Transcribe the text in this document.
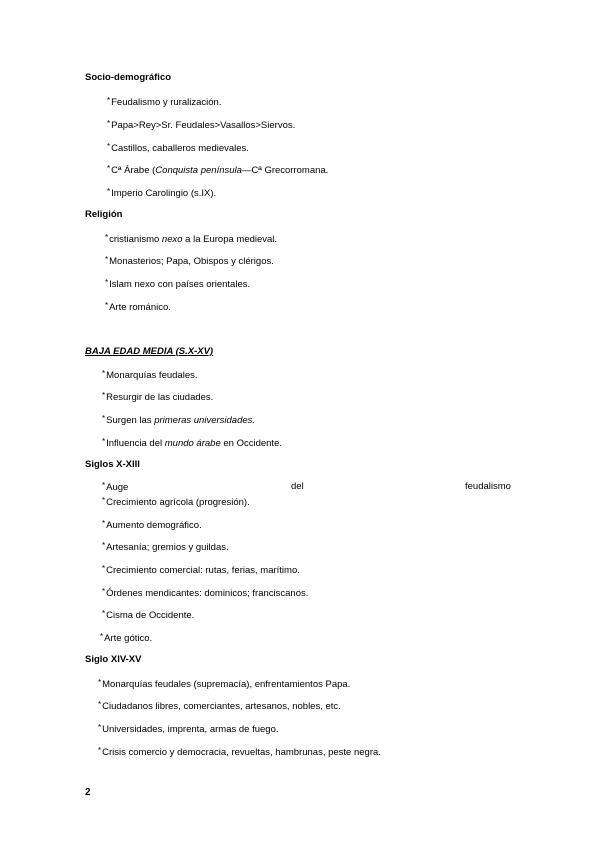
Socio-demográfico
*Feudalismo y ruralización.
*Papa>Rey>Sr. Feudales>Vasallos>Siervos.
*Castillos, caballeros medievales.
*Cª Árabe (Conquista península—Cª Grecorromana.
*Imperio Carolingio (s.IX).
Religión
*cristianismo nexo a la Europa medieval.
*Monasterios; Papa, Obispos y clérigos.
*Islam nexo con países orientales.
*Arte románico.
BAJA EDAD MEDIA (S.X-XV)
*Monarquías feudales.
*Resurgir de las ciudades.
*Surgen las primeras universidades.
*Influencia del mundo árabe en Occidente.
Siglos X-XIII
*Auge	del	feudalismo
*Crecimiento agrícola (progresión).
*Aumento demográfico.
*Artesanía; gremios y guildas.
*Crecimiento comercial: rutas, ferias, marítimo.
*Órdenes mendicantes: dominicos; franciscanos.
*Cisma de Occidente.
*Arte gótico.
Siglo XIV-XV
*Monarquías feudales (supremacía), enfrentamientos Papa.
*Ciudadanos libres, comerciantes, artesanos, nobles, etc.
*Universidades, imprenta, armas de fuego.
*Crisis comercio y democracia, revueltas, hambrunas, peste negra.
2
